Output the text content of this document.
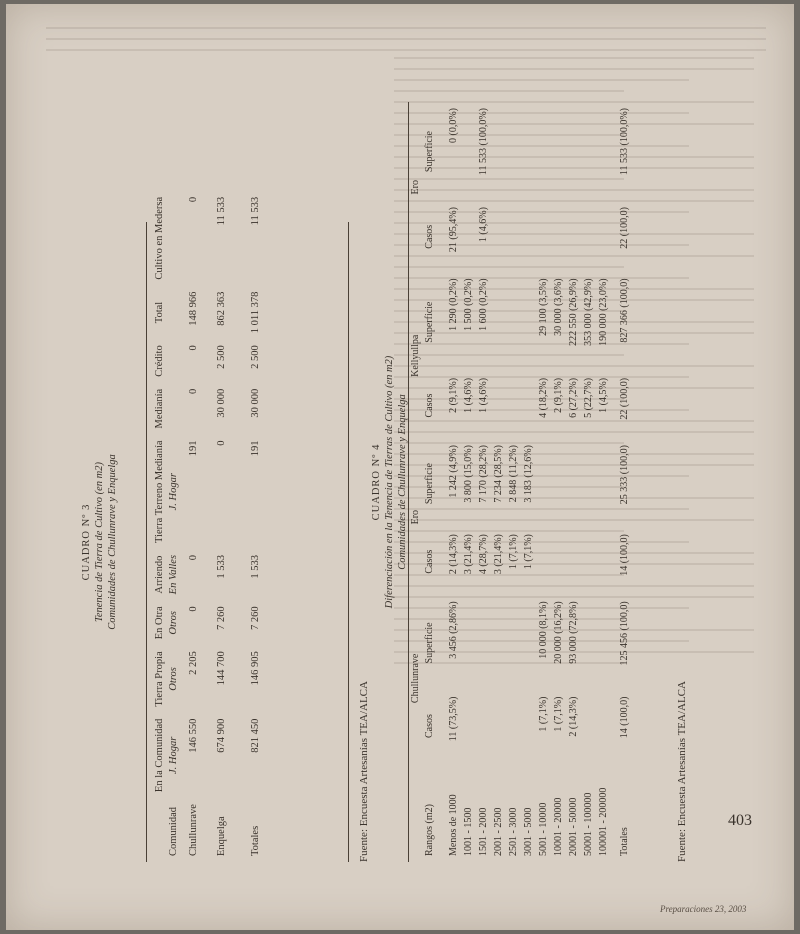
CUADRO Nº 3 Tenencia de Tierra de Cultivo (en m2) Comunidades de Chullunrave y Enquelga
Comunidad	En la Comunidad	Tierra Propia	En Otra	Arriendo	Tierra Terreno Medianía	Medianía	Crédito	Total	Cultivo en Medersa
	J. Hogar	Otros	Otros	En Valles	J. Hogar				
Chullunrave	146 550	2 205	0	0	191	0	0	148 966	0
Enquelga	674 900	144 700	7 260	1 533	0	30 000	2 500	862 363	11 533
Totales	821 450	146 905	7 260	1 533	191	30 000	2 500	1 011 378	11 533
Fuente: Encuesta Artesanías TEA/ALCA
CUADRO Nº 4 Diferenciación en la Tenencia de Tierras de Cultivo (en m2) Comunidades de Chullunrave y Enquelga
Rangos (m2)	Chullunrave		Ero		Kellyullpa		Ero	
	Casos	Superficie	Casos	Superficie	Casos	Superficie	Casos	Superficie

Menos de 1000	11 (73,5%)	3 456 (2,86%)	2 (14,3%)	1 242 (4,9%)	2 (9,1%)	1 290 (0,2%)	21 (95,4%)	0 (0,0%)
1001 - 1500			3 (21,4%)	3 800 (15,0%)	1 (4,6%)	1 500 (0,2%)		
1501 - 2000			4 (28,7%)	7 170 (28,2%)	1 (4,6%)	1 600 (0,2%)	1 (4,6%)	11 533 (100,0%)
2001 - 2500			3 (21,4%)	7 234 (28,5%)				
2501 - 3000			1 (7,1%)	2 848 (11,2%)				
3001 - 5000			1 (7,1%)	3 183 (12,6%)				
5001 - 10000	1 (7,1%)	10 000 (8,1%)			4 (18,2%)	29 100 (3,5%)		
10001 - 20000	1 (7,1%)	20 000 (16,2%)			2 (9,1%)	30 000 (3,6%)		
20001 - 50000	2 (14,3%)	93 000 (72,8%)			6 (27,2%)	222 550 (26,9%)		
50001 - 100000					5 (22,7%)	353 000 (42,9%)		
100001 - 200000					1 (4,5%)	190 000 (23,0%)		
Totales	14 (100,0)	125 456 (100,0)	14 (100,0)	25 333 (100,0)	22 (100,0)	827 366 (100,0)	22 (100,0)	11 533 (100,0%)
Fuente: Encuesta Artesanías TEA/ALCA	403
Preparaciones 23, 2003
